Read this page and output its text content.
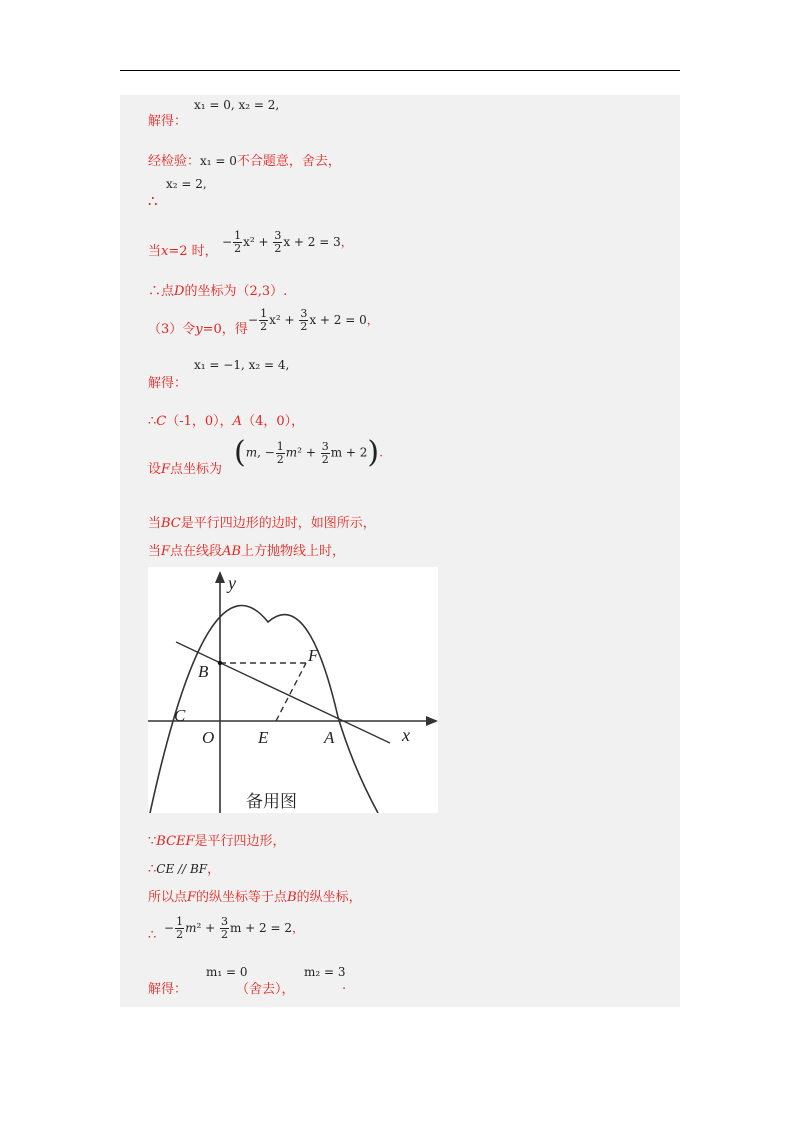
解得：
x₁ = 0, x₂ = 2,
经检验：x₁ = 0不合题意，舍去，
x₂ = 2,
∴
当x=2 时，
− $\frac{1}{2} x^2 + \frac{3}{2}$ x + 2 = 3，
∴点D的坐标为（2,3）.
（3）令y=0，得
− $\frac{1}{2} x^2 + \frac{3}{2}$ x + 2 = 0，
x₁ = −1, x₂ = 4,
解得：
∴C（-1，0），A（4，0），
设F点坐标为 (m, − $\frac{1}{2} m^2 + \frac{3}{2}$ m + 2).
当BC是平行四边形的边时，如图所示，
当F点在线段AB上方抛物线上时，
y
x
B
F
C
O	E	A
备用图
∵BCEF是平行四边形，
∴CE // BF，
所以点F的纵坐标等于点B的纵坐标，
∴ − $\frac{1}{2} m^2 + \frac{3}{2}$ m + 2 = 2，
解得：
m₁ = 0
（舍去），
m₂ = 3
.
